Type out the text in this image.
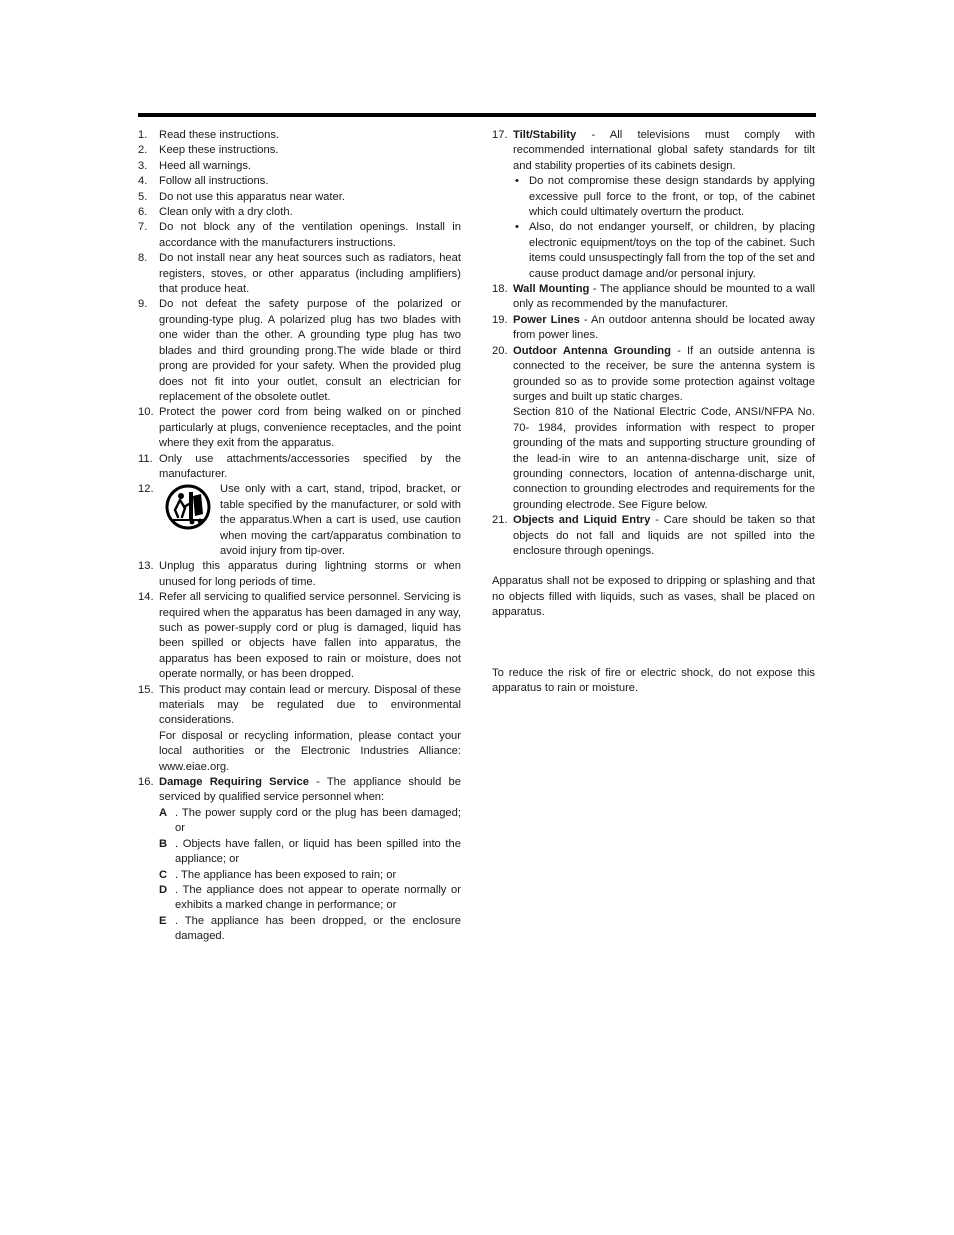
1. Read these instructions.
2. Keep these instructions.
3. Heed all warnings.
4. Follow all instructions.
5. Do not use this apparatus near water.
6. Clean only with a dry cloth.
7. Do not block any of the ventilation openings. Install in accordance with the manufacturers instructions.
8. Do not install near any heat sources such as radiators, heat registers, stoves, or other apparatus (including amplifiers) that produce heat.
9. Do not defeat the safety purpose of the polarized or grounding-type plug. A polarized plug has two blades with one wider than the other. A grounding type plug has two blades and third grounding prong.The wide blade or third prong are provided for your safety. When the provided plug does not fit into your outlet, consult an electrician for replacement of the obsolete outlet.
10. Protect the power cord from being walked on or pinched particularly at plugs, convenience receptacles, and the point where they exit from the apparatus.
11. Only use attachments/accessories specified by the manufacturer.
12.	Use only with a cart, stand, tripod, bracket, or table specified by the manufacturer, or sold with the apparatus.When a cart is used, use caution when moving the cart/apparatus combination to avoid injury from tip-over.
13. Unplug this apparatus during lightning storms or when unused for long periods of time.
14. Refer all servicing to qualified service personnel. Servicing is required when the apparatus has been damaged in any way, such as power-supply cord or plug is damaged, liquid has been spilled or objects have fallen into apparatus, the apparatus has been exposed to rain or moisture, does not operate normally, or has been dropped.
15. This product may contain lead or mercury. Disposal of these materials may be regulated due to environmental considerations.
For disposal or recycling information, please contact your local authorities or the Electronic Industries Alliance: www.eiae.org.
16. Damage Requiring Service - The appliance should be serviced by qualified service personnel when:
A . The power supply cord or the plug has been damaged; or
B . Objects have fallen, or liquid has been spilled into the appliance; or
C . The appliance has been exposed to rain; or
D . The appliance does not appear to operate normally or exhibits a marked change in performance; or
E . The appliance has been dropped, or the enclosure damaged.
17. Tilt/Stability - All televisions must comply with recommended international global safety standards for tilt and stability properties of its cabinets design.
• Do not compromise these design standards by applying excessive pull force to the front, or top, of the cabinet which could ultimately overturn the product.
• Also, do not endanger yourself, or children, by placing electronic equipment/toys on the top of the cabinet. Such items could unsuspectingly fall from the top of the set and cause product damage and/or personal injury.
18. Wall Mounting - The appliance should be mounted to a wall only as recommended by the manufacturer.
19. Power Lines - An outdoor antenna should be located away from power lines.
20. Outdoor Antenna Grounding - If an outside antenna is connected to the receiver, be sure the antenna system is grounded so as to provide some protection against voltage surges and built up static charges.
Section 810 of the National Electric Code, ANSI/NFPA No. 70- 1984, provides information with respect to proper grounding of the mats and supporting structure grounding of the lead-in wire to an antenna-discharge unit, size of grounding connectors, location of antenna-discharge unit, connection to grounding electrodes and requirements for the grounding electrode. See Figure below.
21. Objects and Liquid Entry - Care should be taken so that objects do not fall and liquids are not spilled into the enclosure through openings.
Apparatus shall not be exposed to dripping or splashing and that no objects filled with liquids, such as vases, shall be placed on apparatus.
To reduce the risk of fire or electric shock, do not expose this apparatus to rain or moisture.
